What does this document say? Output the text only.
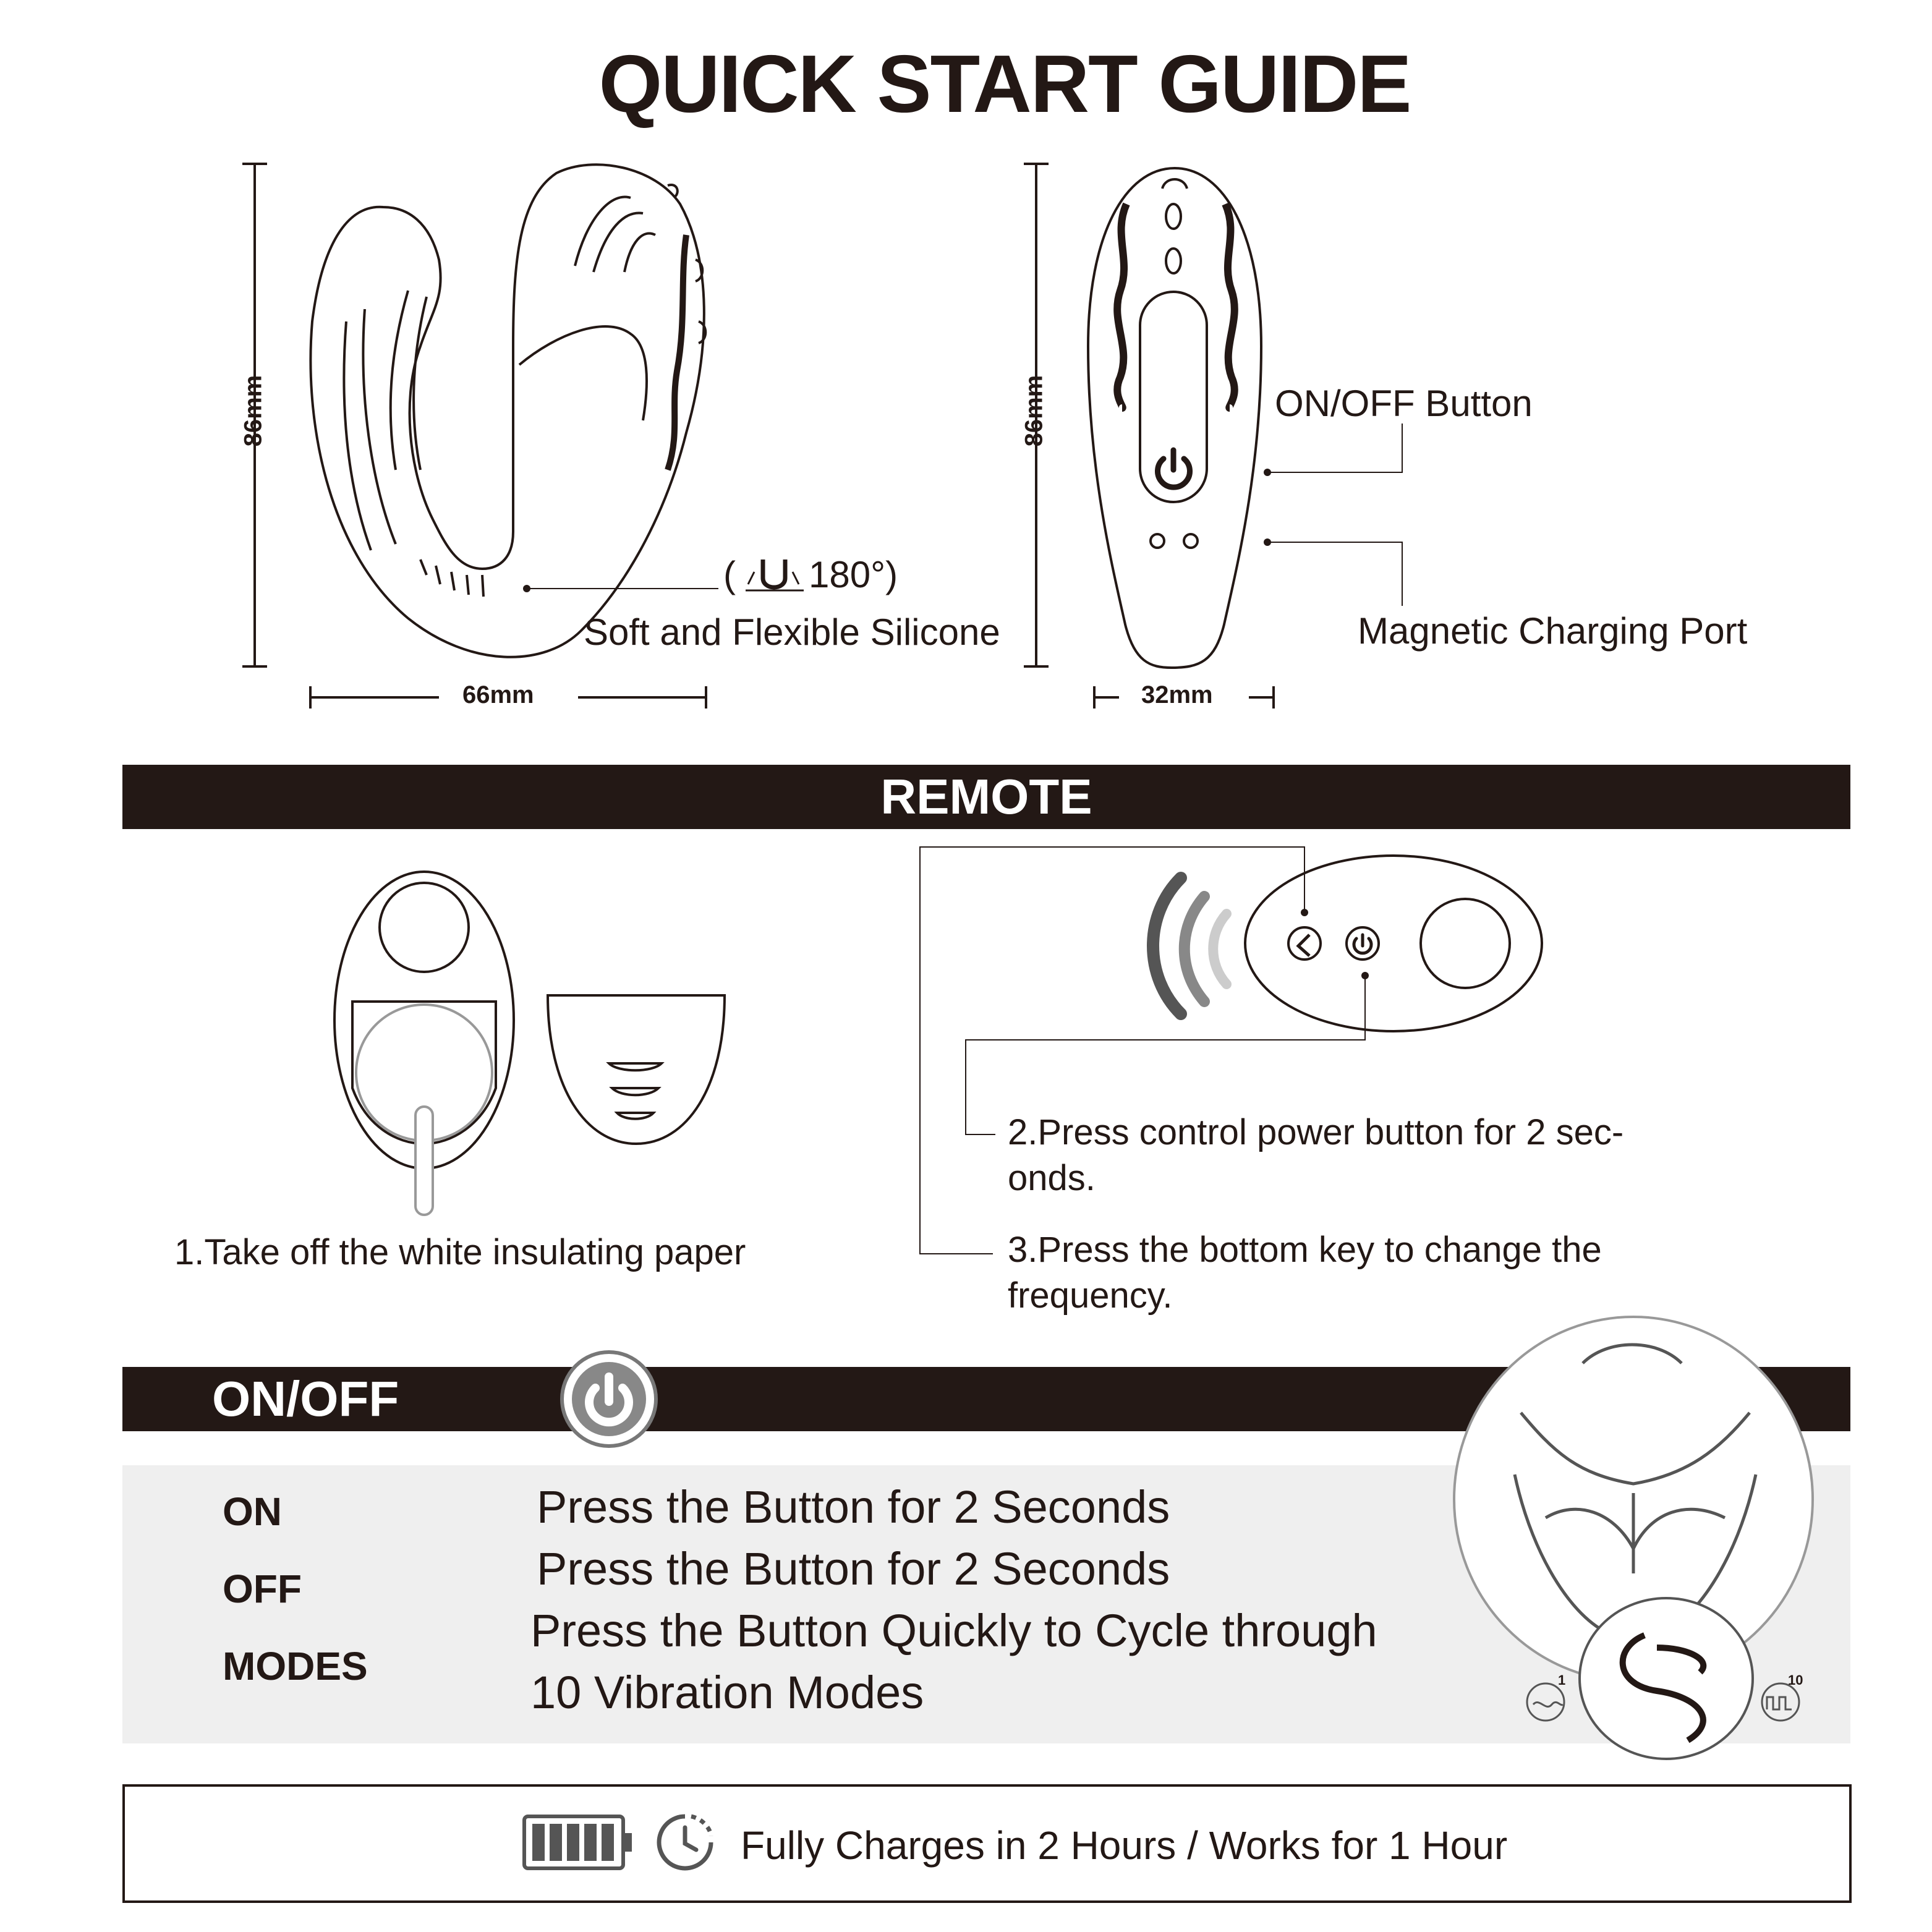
QUICK START GUIDE
86mm
66mm
86mm
32mm
( 180°)
Soft and Flexible Silicone
ON/OFF Button
Magnetic Charging Port
REMOTE
1.Take off the white insulating paper
2.Press control power button for 2 sec-
onds.
3.Press the bottom key to change the
frequency.
ON/OFF
ON
OFF
MODES
Press the Button for 2 Seconds
Press the Button for 2 Seconds
Press the Button Quickly to Cycle through
10 Vibration Modes	1	10
Fully Charges in 2 Hours / Works for 1 Hour
